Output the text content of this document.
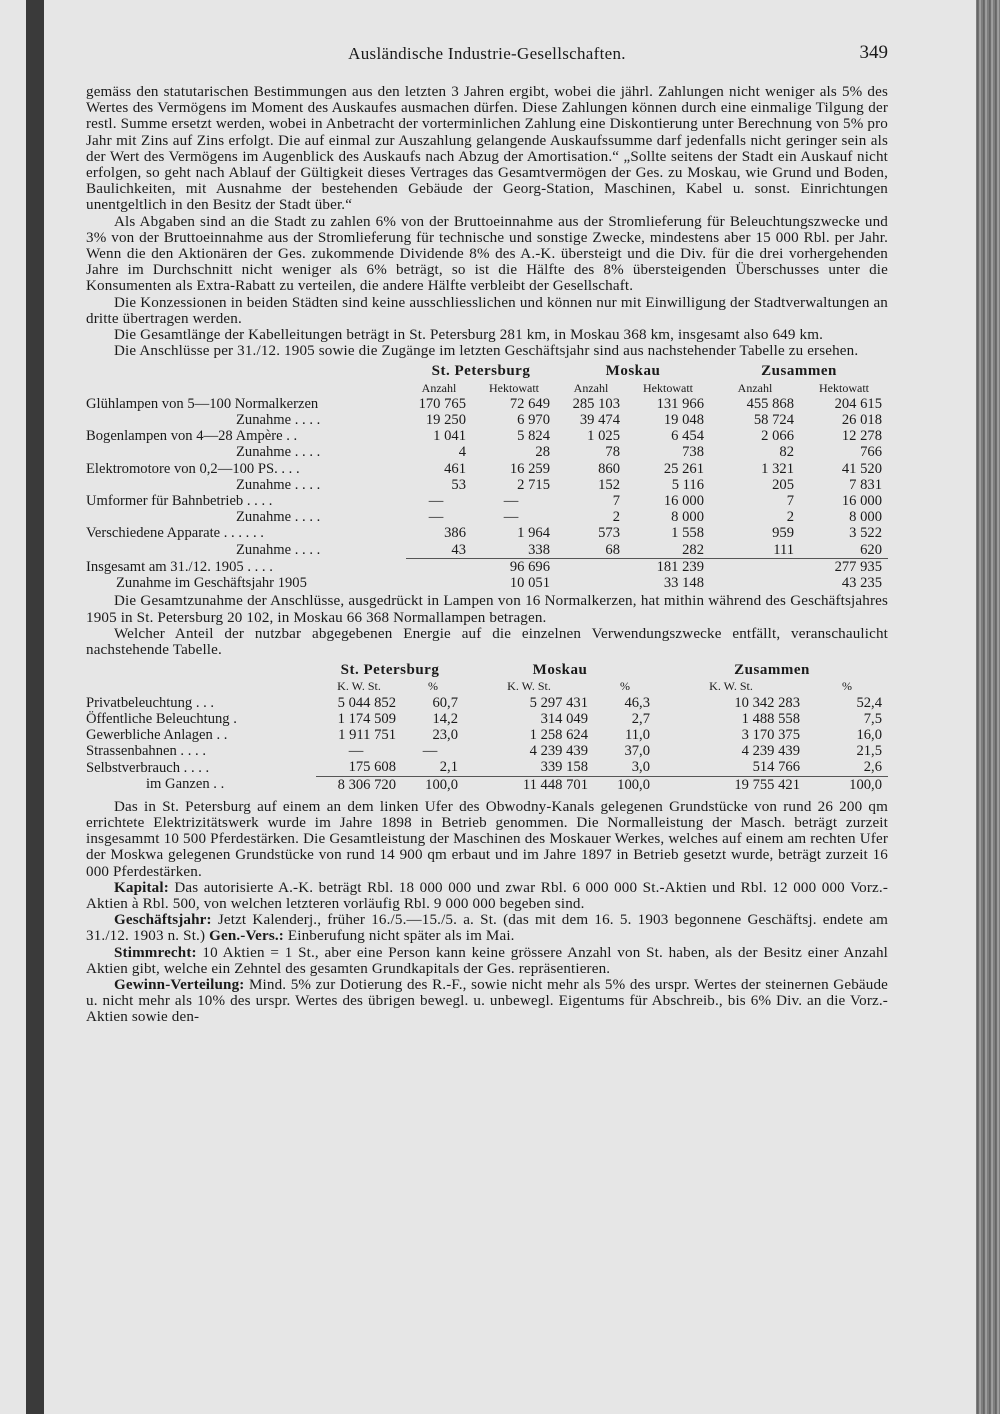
Ausländische Industrie-Gesellschaften.	349

gemäss den statutarischen Bestimmungen aus den letzten 3 Jahren ergibt, wobei die jährl. Zahlungen nicht weniger als 5% des Wertes des Vermögens im Moment des Auskaufes ausmachen dürfen. Diese Zahlungen können durch eine einmalige Tilgung der restl. Summe ersetzt werden, wobei in Anbetracht der vorterminlichen Zahlung eine Diskontierung unter Berechnung von 5% pro Jahr mit Zins auf Zins erfolgt. Die auf einmal zur Auszahlung gelangende Auskaufssumme darf jedenfalls nicht geringer sein als der Wert des Vermögens im Augenblick des Auskaufs nach Abzug der Amortisation.“ „Sollte seitens der Stadt ein Auskauf nicht erfolgen, so geht nach Ablauf der Gültigkeit dieses Vertrages das Gesamtvermögen der Ges. zu Moskau, wie Grund und Boden, Baulichkeiten, mit Ausnahme der bestehenden Gebäude der Georg-Station, Maschinen, Kabel u. sonst. Einrichtungen unentgeltlich in den Besitz der Stadt über.“

Als Abgaben sind an die Stadt zu zahlen 6% von der Bruttoeinnahme aus der Stromlieferung für Beleuchtungszwecke und 3% von der Bruttoeinnahme aus der Stromlieferung für technische und sonstige Zwecke, mindestens aber 15 000 Rbl. per Jahr. Wenn die den Aktionären der Ges. zukommende Dividende 8% des A.-K. übersteigt und die Div. für die drei vorhergehenden Jahre im Durchschnitt nicht weniger als 6% beträgt, so ist die Hälfte des 8% übersteigenden Überschusses unter die Konsumenten als Extra-Rabatt zu verteilen, die andere Hälfte verbleibt der Gesellschaft.

Die Konzessionen in beiden Städten sind keine ausschliesslichen und können nur mit Einwilligung der Stadtverwaltungen an dritte übertragen werden.

Die Gesamtlänge der Kabelleitungen beträgt in St. Petersburg 281 km, in Moskau 368 km, insgesamt also 649 km.

Die Anschlüsse per 31./12. 1905 sowie die Zugänge im letzten Geschäftsjahr sind aus nachstehender Tabelle zu ersehen.

	St. Petersburg		Moskau		Zusammen	
	Anzahl	Hektowatt	Anzahl	Hektowatt	Anzahl	Hektowatt
Glühlampen von 5—100 Normalkerzen	170 765	72 649	285 103	131 966	455 868	204 615
Zunahme . . . .	19 250	6 970	39 474	19 048	58 724	26 018
Bogenlampen von 4—28 Ampère . .	1 041	5 824	1 025	6 454	2 066	12 278
Zunahme . . . .	4	28	78	738	82	766
Elektromotore von 0,2—100 PS. . . .	461	16 259	860	25 261	1 321	41 520
Zunahme . . . .	53	2 715	152	5 116	205	7 831
Umformer für Bahnbetrieb . . . .	—	—	7	16 000	7	16 000
Zunahme . . . .	—	—	2	8 000	2	8 000
Verschiedene Apparate . . . . . .	386	1 964	573	1 558	959	3 522
Zunahme . . . .	43	338	68	282	111	620
Insgesamt am 31./12. 1905 . . . .	96 696		181 239		277 935	
Zunahme im Geschäftsjahr 1905	10 051		33 148		43 235	

Die Gesamtzunahme der Anschlüsse, ausgedrückt in Lampen von 16 Normalkerzen, hat mithin während des Geschäftsjahres 1905 in St. Petersburg 20 102, in Moskau 66 368 Normallampen betragen.

Welcher Anteil der nutzbar abgegebenen Energie auf die einzelnen Verwendungszwecke entfällt, veranschaulicht nachstehende Tabelle.

	St. Petersburg		Moskau		Zusammen	
	K. W. St.	%	K. W. St.	%	K. W. St.	%
Privatbeleuchtung . . .	5 044 852	60,7	5 297 431	46,3	10 342 283	52,4
Öffentliche Beleuchtung .	1 174 509	14,2	314 049	2,7	1 488 558	7,5
Gewerbliche Anlagen . .	1 911 751	23,0	1 258 624	11,0	3 170 375	16,0
Strassenbahnen . . . .	—	—	4 239 439	37,0	4 239 439	21,5
Selbstverbrauch . . . .	175 608	2,1	339 158	3,0	514 766	2,6
im Ganzen . .	8 306 720	100,0	11 448 701	100,0	19 755 421	100,0

Das in St. Petersburg auf einem an dem linken Ufer des Obwodny-Kanals gelegenen Grundstücke von rund 26 200 qm errichtete Elektrizitätswerk wurde im Jahre 1898 in Betrieb genommen. Die Normalleistung der Masch. beträgt zurzeit insgesammt 10 500 Pferdestärken. Die Gesamtleistung der Maschinen des Moskauer Werkes, welches auf einem am rechten Ufer der Moskwa gelegenen Grundstücke von rund 14 900 qm erbaut und im Jahre 1897 in Betrieb gesetzt wurde, beträgt zurzeit 16 000 Pferdestärken.

Kapital: Das autorisierte A.-K. beträgt Rbl. 18 000 000 und zwar Rbl. 6 000 000 St.-Aktien und Rbl. 12 000 000 Vorz.-Aktien à Rbl. 500, von welchen letzteren vorläufig Rbl. 9 000 000 begeben sind.

Geschäftsjahr: Jetzt Kalenderj., früher 16./5.—15./5. a. St. (das mit dem 16. 5. 1903 begonnene Geschäftsj. endete am 31./12. 1903 n. St.) Gen.-Vers.: Einberufung nicht später als im Mai.

Stimmrecht: 10 Aktien = 1 St., aber eine Person kann keine grössere Anzahl von St. haben, als der Besitz einer Anzahl Aktien gibt, welche ein Zehntel des gesamten Grundkapitals der Ges. repräsentieren.

Gewinn-Verteilung: Mind. 5% zur Dotierung des R.-F., sowie nicht mehr als 5% des urspr. Wertes der steinernen Gebäude u. nicht mehr als 10% des urspr. Wertes des übrigen bewegl. u. unbewegl. Eigentums für Abschreib., bis 6% Div. an die Vorz.-Aktien sowie den-
